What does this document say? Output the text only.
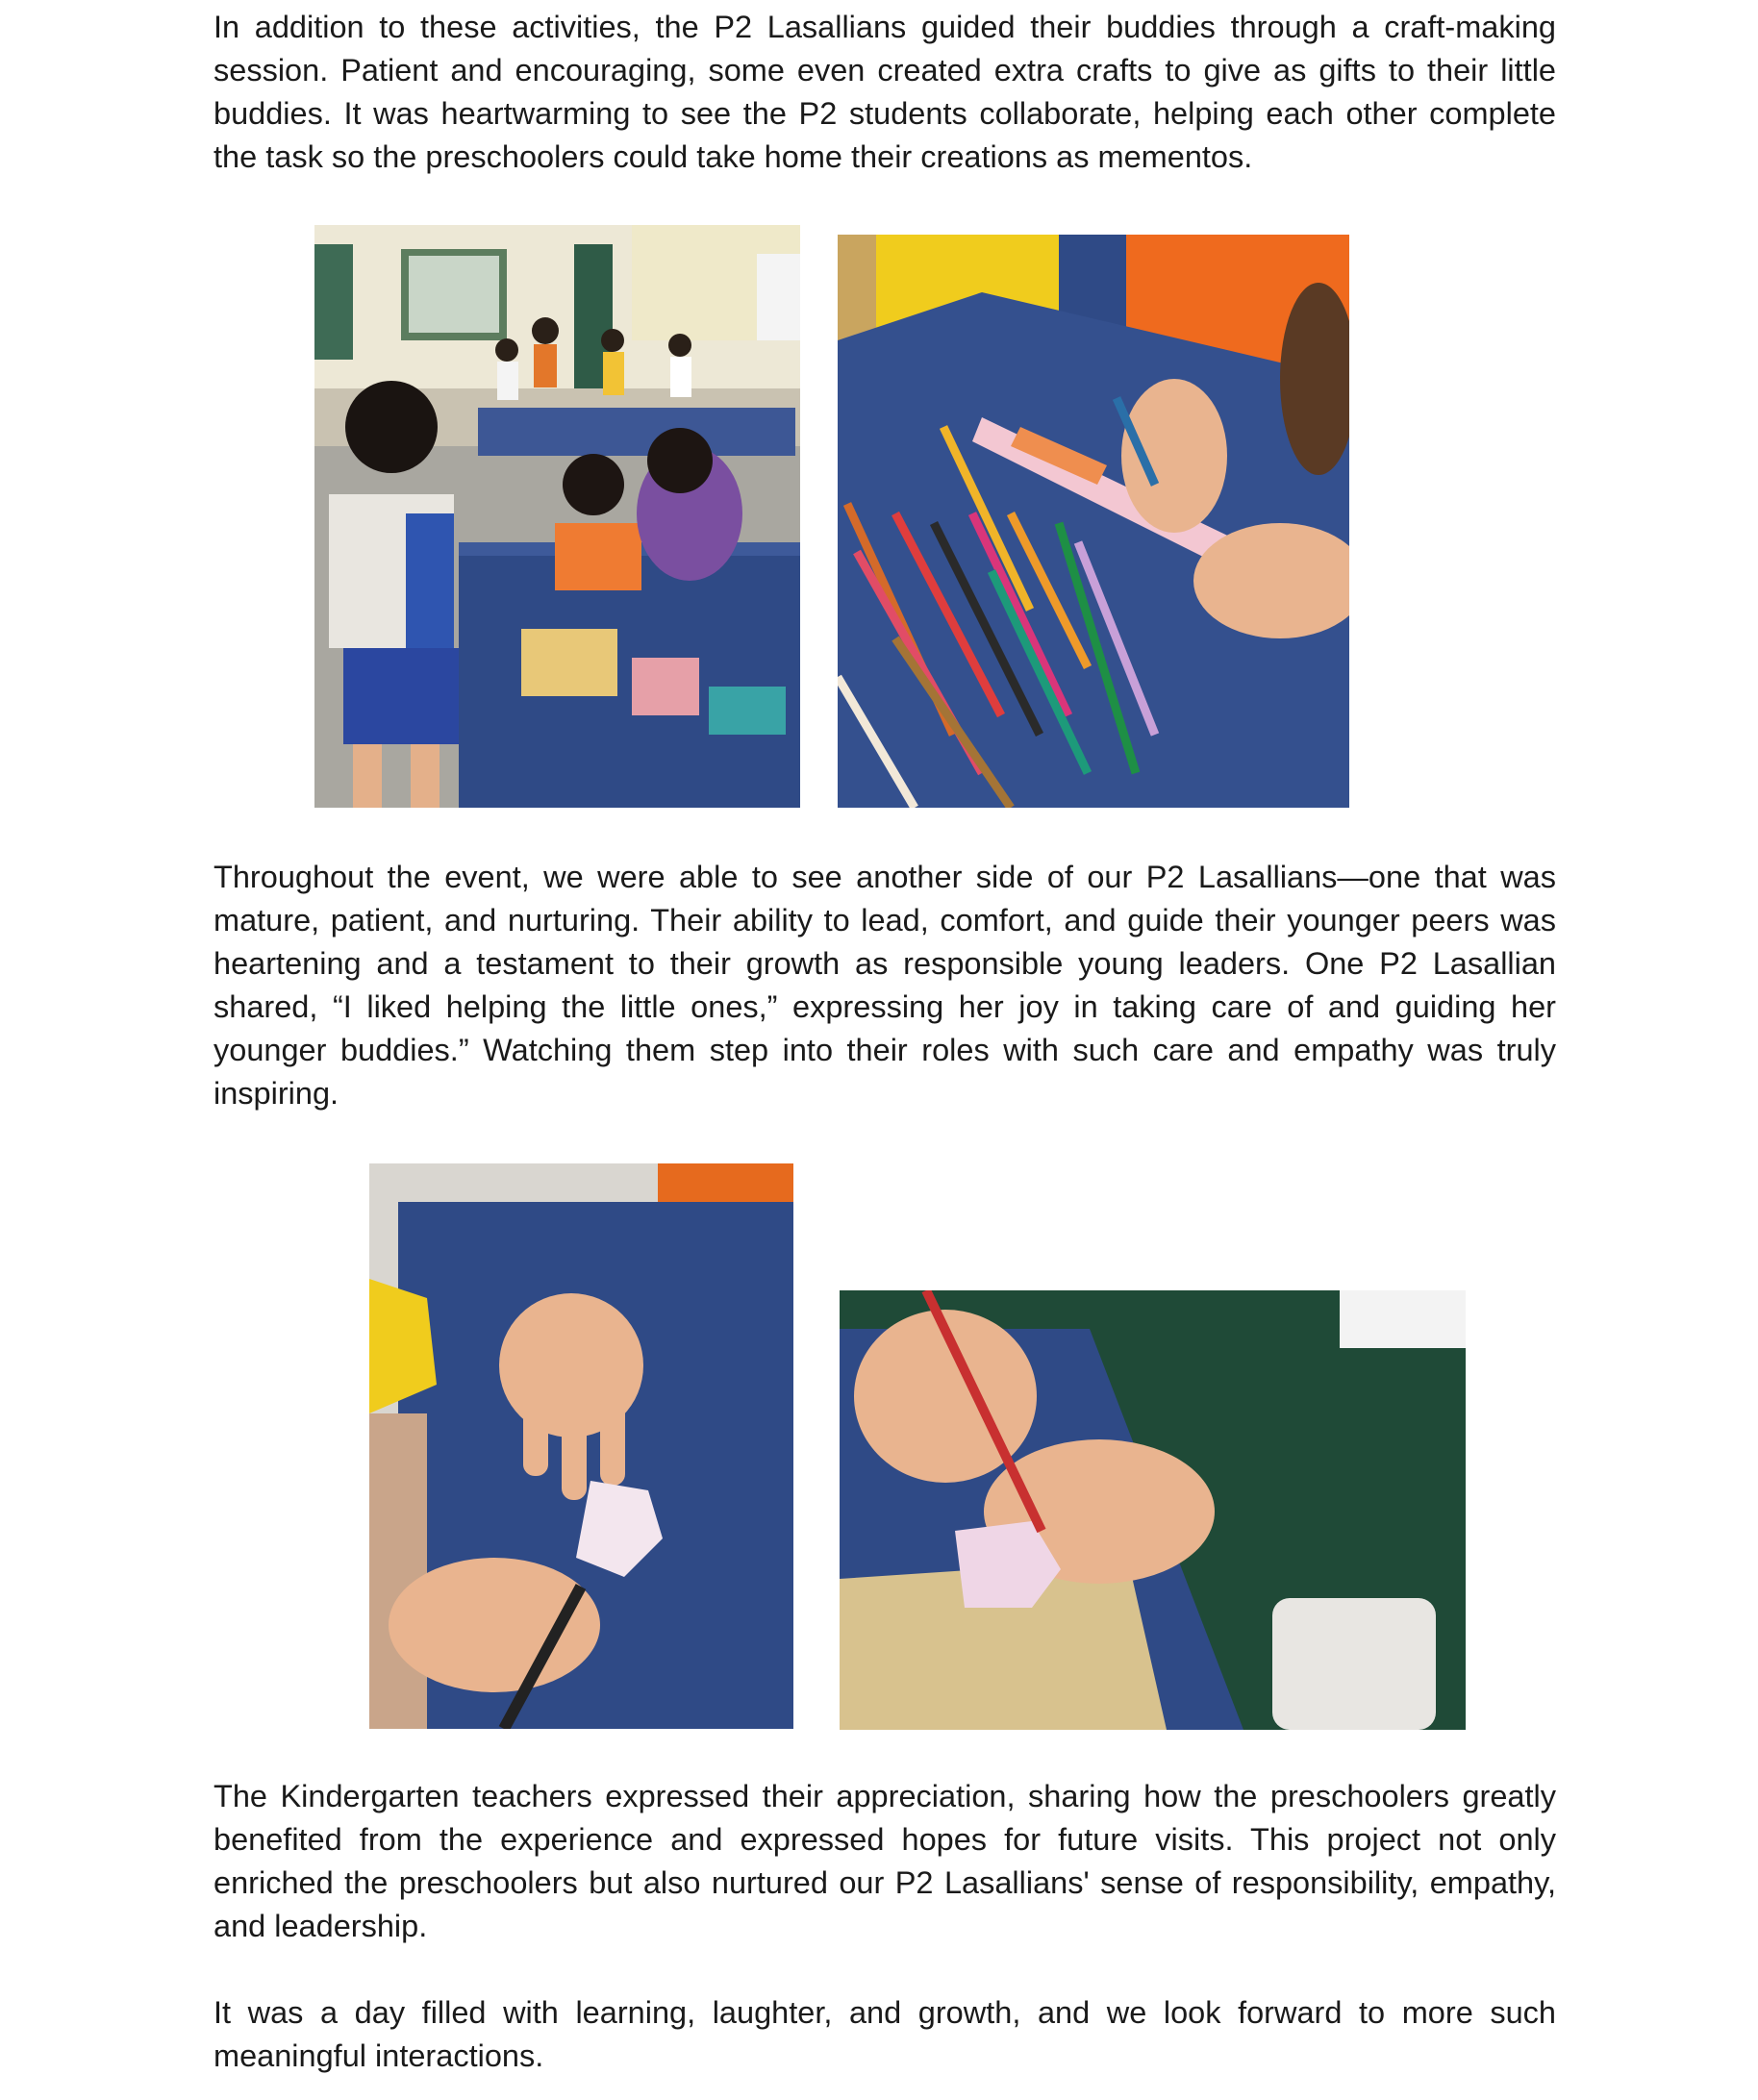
In addition to these activities, the P2 Lasallians guided their buddies through a craft-making session. Patient and encouraging, some even created extra crafts to give as gifts to their little buddies. It was heartwarming to see the P2 students collaborate, helping each other complete the task so the preschoolers could take home their creations as mementos.

Throughout the event, we were able to see another side of our P2 Lasallians—one that was mature, patient, and nurturing. Their ability to lead, comfort, and guide their younger peers was heartening and a testament to their growth as responsible young leaders. One P2 Lasallian shared, “I liked helping the little ones,” expressing her joy in taking care of and guiding her younger buddies.” Watching them step into their roles with such care and empathy was truly inspiring.

The Kindergarten teachers expressed their appreciation, sharing how the preschoolers greatly benefited from the experience and expressed hopes for future visits. This project not only enriched the preschoolers but also nurtured our P2 Lasallians' sense of responsibility, empathy, and leadership.

It was a day filled with learning, laughter, and growth, and we look forward to more such meaningful interactions.
